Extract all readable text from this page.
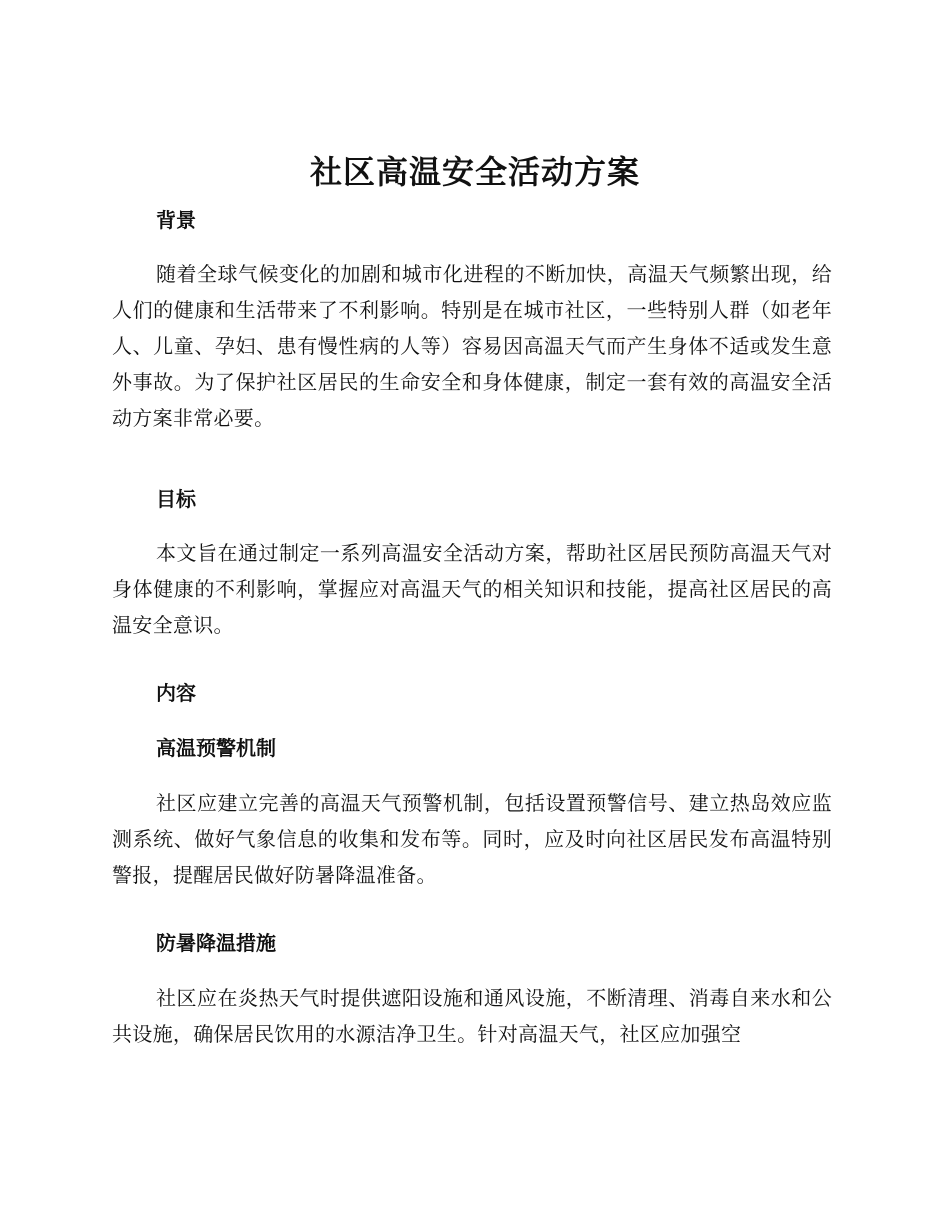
社区高温安全活动方案
背景

随着全球气候变化的加剧和城市化进程的不断加快，高温天气频繁出现，给人们的健康和生活带来了不利影响。特别是在城市社区，一些特别人群（如老年人、儿童、孕妇、患有慢性病的人等）容易因高温天气而产生身体不适或发生意外事故。为了保护社区居民的生命安全和身体健康，制定一套有效的高温安全活动方案非常必要。

目标

本文旨在通过制定一系列高温安全活动方案，帮助社区居民预防高温天气对身体健康的不利影响，掌握应对高温天气的相关知识和技能，提高社区居民的高温安全意识。

内容
高温预警机制

社区应建立完善的高温天气预警机制，包括设置预警信号、建立热岛效应监测系统、做好气象信息的收集和发布等。同时，应及时向社区居民发布高温特别警报，提醒居民做好防暑降温准备。

防暑降温措施

社区应在炎热天气时提供遮阳设施和通风设施，不断清理、消毒自来水和公共设施，确保居民饮用的水源洁净卫生。针对高温天气，社区应加强空
